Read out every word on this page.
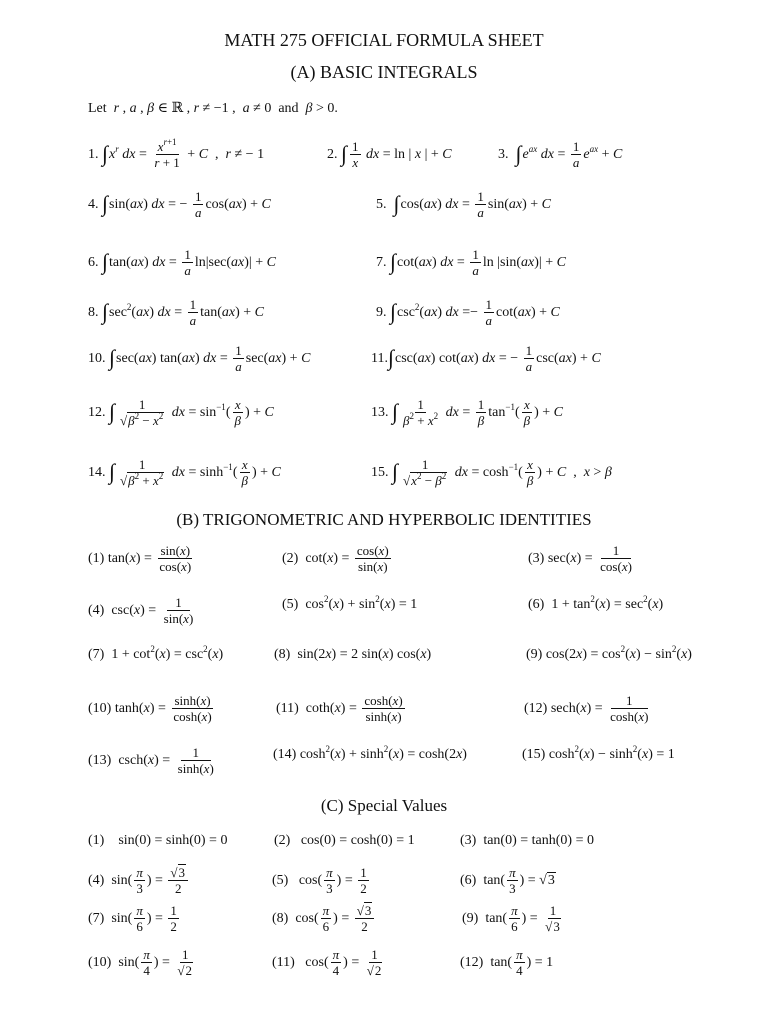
MATH 275 OFFICIAL FORMULA SHEET
(A) BASIC INTEGRALS
Let r , a , β ∈ ℝ , r ≠ −1 ,  a ≠ 0  and  β > 0.
1. $\int x^r$ dx = $\frac{x^{r+1}}{r + 1} + C$  ,  r ≠ − 1	2. ∫ $\frac{1}{x}$ dx = ln | x | + C	3.  $\int e^{ax}$ dx = $\frac{1}{a} e^{ax} + C$
4. ∫sin(ax) dx = − $\frac{1}{a} \cos(ax) + C$	5.  ∫cos(ax) dx = $\frac{1}{a} \sin(ax) + C$
6. ∫tan(ax) dx = $\frac{1}{a} \ln|\sec(ax)| + C$	7. ∫cot(ax) dx = $\frac{1}{a}$ ln |sin(ax)| + C
8. $\int\sec^2(ax)$ dx = $\frac{1}{a} \tan(ax) + C$	9. $\int\csc^2(ax)$ dx =− $\frac{1}{a} \cot(ax) + C$
10. ∫sec(ax) tan(ax) dx = $\frac{1}{a} \sec(ax) + C$	11.∫csc(ax) cot(ax) dx = − $\frac{1}{a} \csc(ax) + C$
12. ∫ $\frac{1}{√\beta^2 - x^2}$ dx = $\sin^{-1}( \frac{x}{\beta}$ ) + C	13. ∫ $\frac{1}{\beta^2 + x^2}$ dx = $\frac{1}{\beta} \tan^{-1}( \frac{x}{\beta}$ ) + C
14. ∫ $\frac{1}{√\beta^2 + x^2}$ dx = $\sinh^{-1}( \frac{x}{\beta}$ ) + C	15. ∫ $\frac{1}{√x^2 - \beta^2}$ dx = $\cosh^{-1}( \frac{x}{\beta}$ ) + C  ,  x > β
(B) TRIGONOMETRIC AND HYPERBOLIC IDENTITIES
(1) $\tan(x) = \frac{\sin(x)}{\cos(x)}$	(2)  $\cot(x) = \frac{\cos(x)}{\sin(x)}$	(3) $\sec(x) = \frac{1}{\cos(x)}$
(4)  $\csc(x) = \frac{1}{\sin(x)}$	(5)  $\cos^2(x) + \sin^2(x) = 1$	(6)  $1 + \tan^2(x) = \sec^2(x)$
(7)  $1 + \cot^2(x) = \csc^2(x)$	(8)  sin(2x) = 2 sin(x) cos(x)	(9) $\cos(2x) = \cos^2(x) - \sin^2(x)$
(10) $\tanh(x) = \frac{\sinh(x)}{\cosh(x)}$	(11)  $\cot h(x) = \frac{\cosh(x)}{\sinh(x)}$	(12) $\sec h(x) = \frac{1}{\cosh(x)}$
(13)  $\csc h(x) = \frac{1}{\sinh(x)}$	(14) $\cosh^2(x) + \sinh^2(x) = \cosh(2x)$	(15) $\cosh^2(x) - \sinh^2(x) = 1$
(C) Special Values
(1)    sin(0) = sinh(0) = 0	(2)   cos(0) = cosh(0) = 1	(3)  tan(0) = tanh(0) = 0
(4)  $\sin( \frac{\pi}{3}$ ) = $\frac{√3}{2}$	(5)   $\cos( \frac{\pi}{3}$ ) = $\frac{1}{2}$	(6)  $\tan( \frac{\pi}{3}$ ) = √3
(7)  $\sin( \frac{\pi}{6}$ ) = $\frac{1}{2}$	(8)  $\cos( \frac{\pi}{6}$ ) = $\frac{√3}{2}$	(9)  $\tan( \frac{\pi}{6}$ ) = $\frac{1}{√3}$
(10)  $\sin( \frac{\pi}{4}$ ) = $\frac{1}{√2}$	(11)   $\cos( \frac{\pi}{4}$ ) = $\frac{1}{√2}$	(12)  $\tan( \frac{\pi}{4}$ ) = 1
